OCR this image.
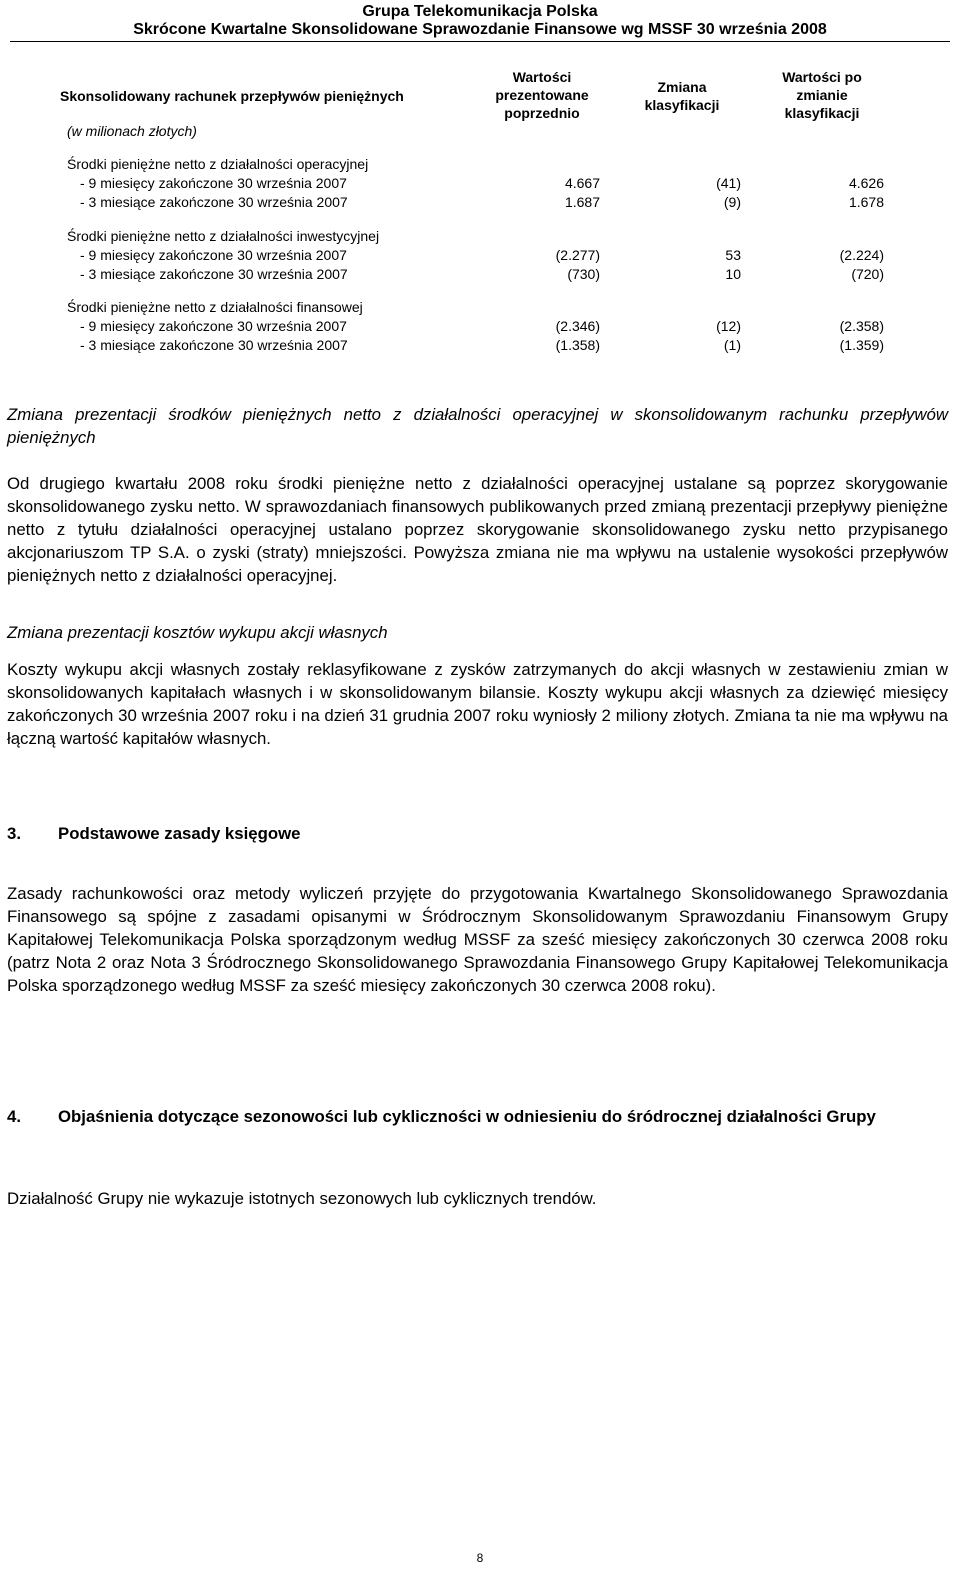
Grupa Telekomunikacja Polska
Skrócone Kwartalne Skonsolidowane Sprawozdanie Finansowe wg MSSF 30 września 2008
Skonsolidowany rachunek przepływów pieniężnych
(w milionach złotych)
Wartości prezentowane poprzednio
Zmiana klasyfikacji
Wartości po zmianie klasyfikacji
Środki pieniężne netto z działalności operacyjnej
- 9 miesięcy zakończone 30 września 2007	4.667	(41)	4.626
- 3 miesiące zakończone 30 września 2007	1.687	(9)	1.678
Środki pieniężne netto z działalności inwestycyjnej
- 9 miesięcy zakończone 30 września 2007	(2.277)	53	(2.224)
- 3 miesiące zakończone 30 września 2007	(730)	10	(720)
Środki pieniężne netto z działalności finansowej
- 9 miesięcy zakończone 30 września 2007	(2.346)	(12)	(2.358)
- 3 miesiące zakończone 30 września 2007	(1.358)	(1)	(1.359)
Zmiana prezentacji środków pieniężnych netto z działalności operacyjnej w skonsolidowanym rachunku przepływów pieniężnych
Od drugiego kwartału 2008 roku środki pieniężne netto z działalności operacyjnej ustalane są poprzez skorygowanie skonsolidowanego zysku netto. W sprawozdaniach finansowych publikowanych przed zmianą prezentacji przepływy pieniężne netto z tytułu działalności operacyjnej ustalano poprzez skorygowanie skonsolidowanego zysku netto przypisanego akcjonariuszom TP S.A. o zyski (straty) mniejszości. Powyższa zmiana nie ma wpływu na ustalenie wysokości przepływów pieniężnych netto z działalności operacyjnej.
Zmiana prezentacji kosztów wykupu akcji własnych
Koszty wykupu akcji własnych zostały reklasyfikowane z zysków zatrzymanych do akcji własnych w zestawieniu zmian w skonsolidowanych kapitałach własnych i w skonsolidowanym bilansie. Koszty wykupu akcji własnych za dziewięć miesięcy zakończonych 30 września 2007 roku i na dzień 31 grudnia 2007 roku wyniosły 2 miliony złotych. Zmiana ta nie ma wpływu na łączną wartość kapitałów własnych.
3. Podstawowe zasady księgowe
Zasady rachunkowości oraz metody wyliczeń przyjęte do przygotowania Kwartalnego Skonsolidowanego Sprawozdania Finansowego są spójne z zasadami opisanymi w Śródrocznym Skonsolidowanym Sprawozdaniu Finansowym Grupy Kapitałowej Telekomunikacja Polska sporządzonym według MSSF za sześć miesięcy zakończonych 30 czerwca 2008 roku (patrz Nota 2 oraz Nota 3 Śródrocznego Skonsolidowanego Sprawozdania Finansowego Grupy Kapitałowej Telekomunikacja Polska sporządzonego według MSSF za sześć miesięcy zakończonych 30 czerwca 2008 roku).
4. Objaśnienia dotyczące sezonowości lub cykliczności w odniesieniu do śródrocznej działalności Grupy
Działalność Grupy nie wykazuje istotnych sezonowych lub cyklicznych trendów.
8
